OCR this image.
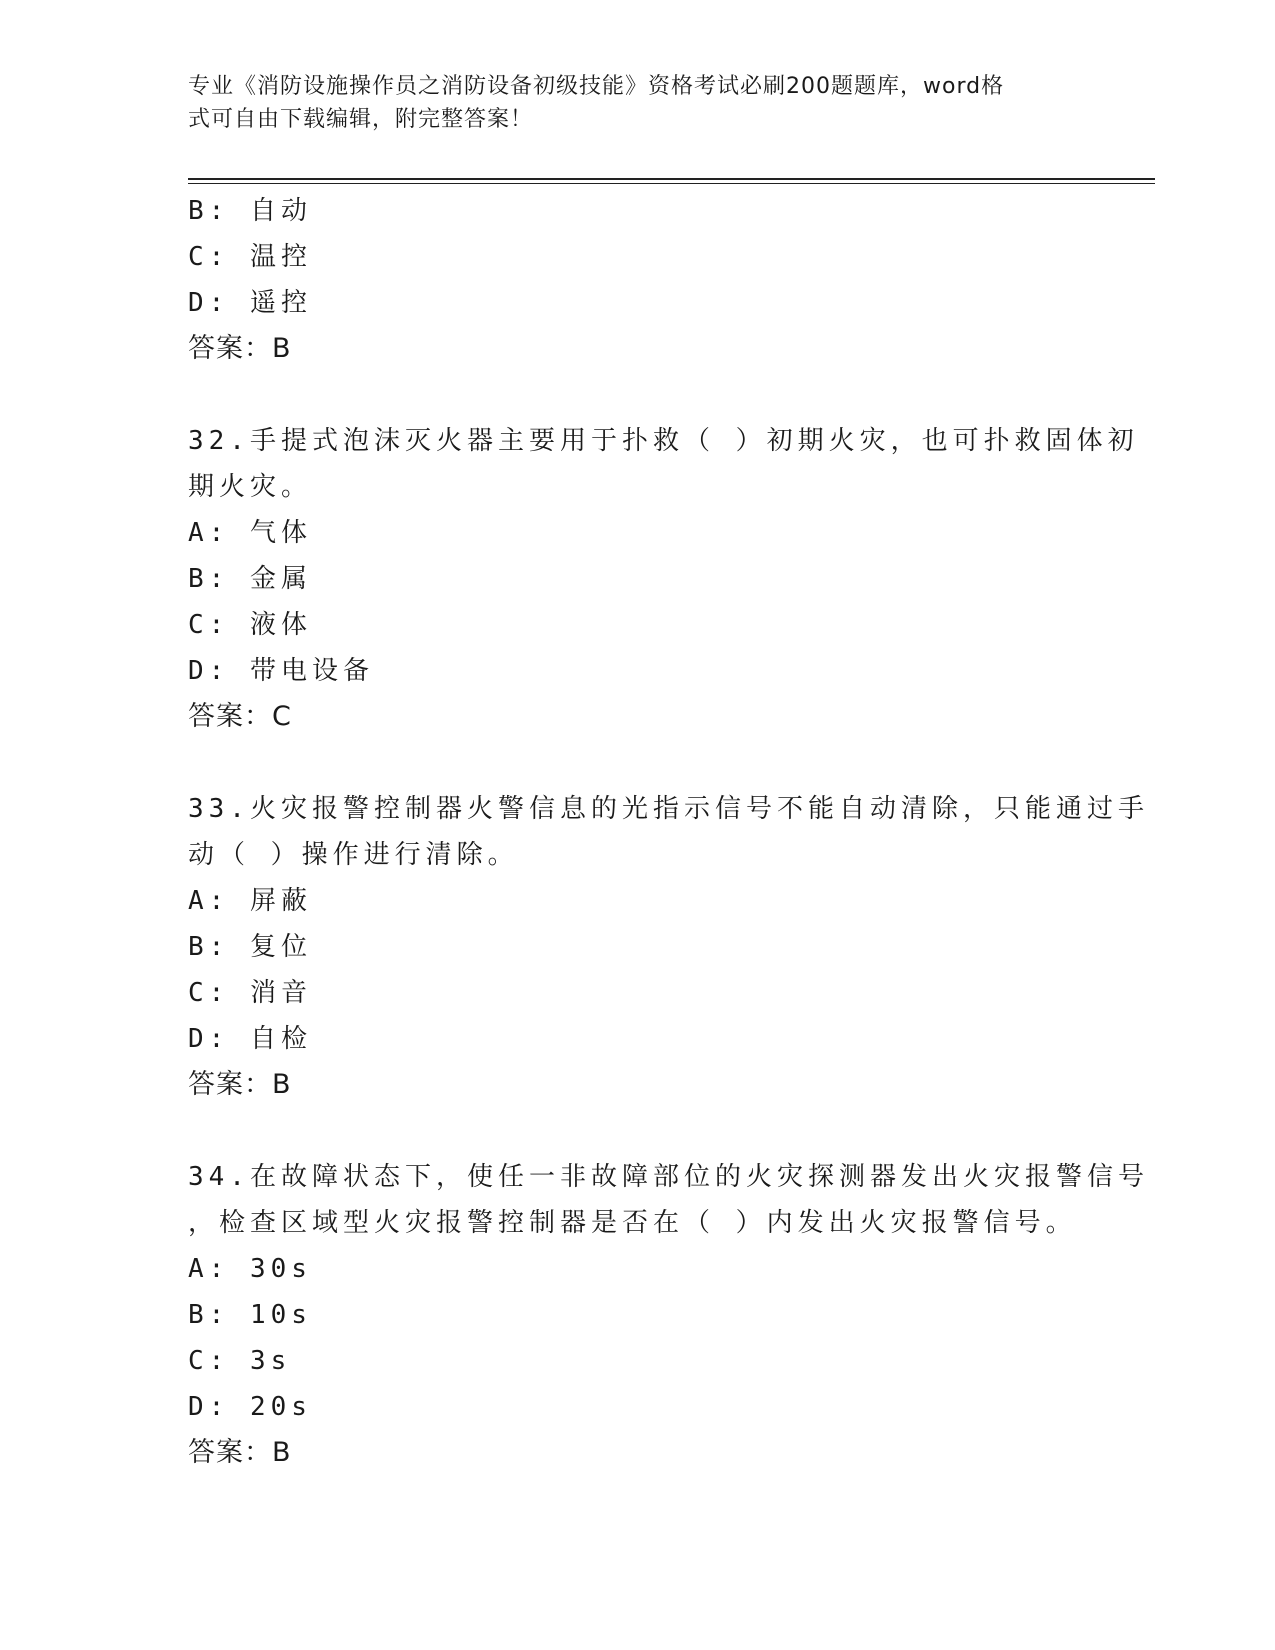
专业《消防设施操作员之消防设备初级技能》资格考试必刷200题题库，word格
式可自由下载编辑，附完整答案！
B: 自动
C: 温控
D: 遥控
答案：B
32.手提式泡沫灭火器主要用于扑救（ ）初期火灾，也可扑救固体初
期火灾。
A: 气体
B: 金属
C: 液体
D: 带电设备
答案：C
33.火灾报警控制器火警信息的光指示信号不能自动清除，只能通过手
动（ ）操作进行清除。
A: 屏蔽
B: 复位
C: 消音
D: 自检
答案：B
34.在故障状态下，使任一非故障部位的火灾探测器发出火灾报警信号
，检查区域型火灾报警控制器是否在（ ）内发出火灾报警信号。
A: 30s
B: 10s
C: 3s
D: 20s
答案：B
